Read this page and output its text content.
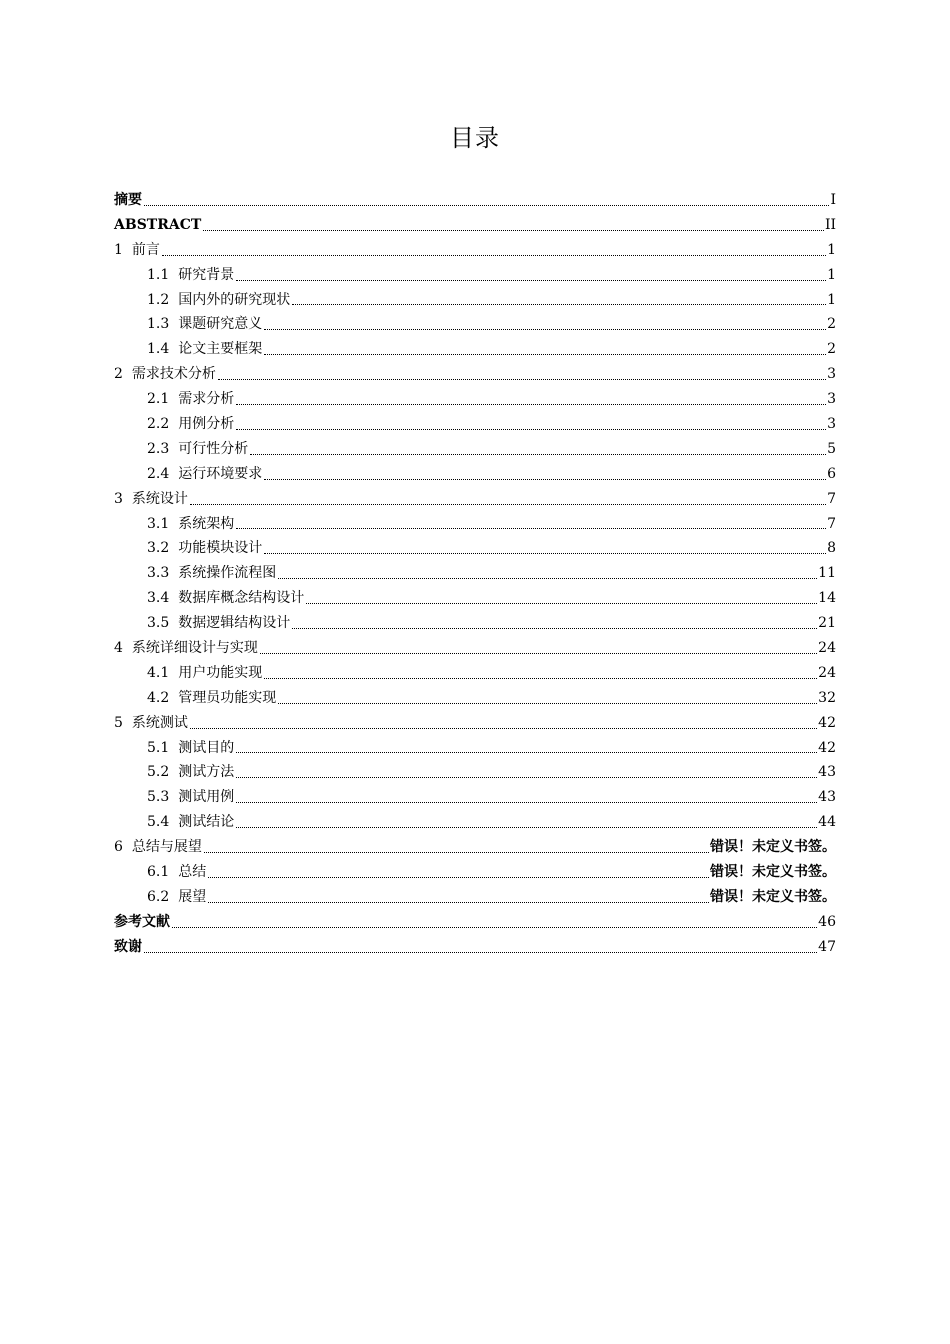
目录
摘要	I
ABSTRACT	II
1 前言	1
1.1 研究背景	1
1.2 国内外的研究现状	1
1.3 课题研究意义	2
1.4 论文主要框架	2
2 需求技术分析	3
2.1 需求分析	3
2.2 用例分析	3
2.3 可行性分析	5
2.4 运行环境要求	6
3 系统设计	7
3.1 系统架构	7
3.2 功能模块设计	8
3.3 系统操作流程图	11
3.4 数据库概念结构设计	14
3.5 数据逻辑结构设计	21
4 系统详细设计与实现	24
4.1 用户功能实现	24
4.2 管理员功能实现	32
5 系统测试	42
5.1 测试目的	42
5.2 测试方法	43
5.3 测试用例	43
5.4 测试结论	44
6 总结与展望	错误！未定义书签。
6.1 总结	错误！未定义书签。
6.2 展望	错误！未定义书签。
参考文献	46
致谢	47
